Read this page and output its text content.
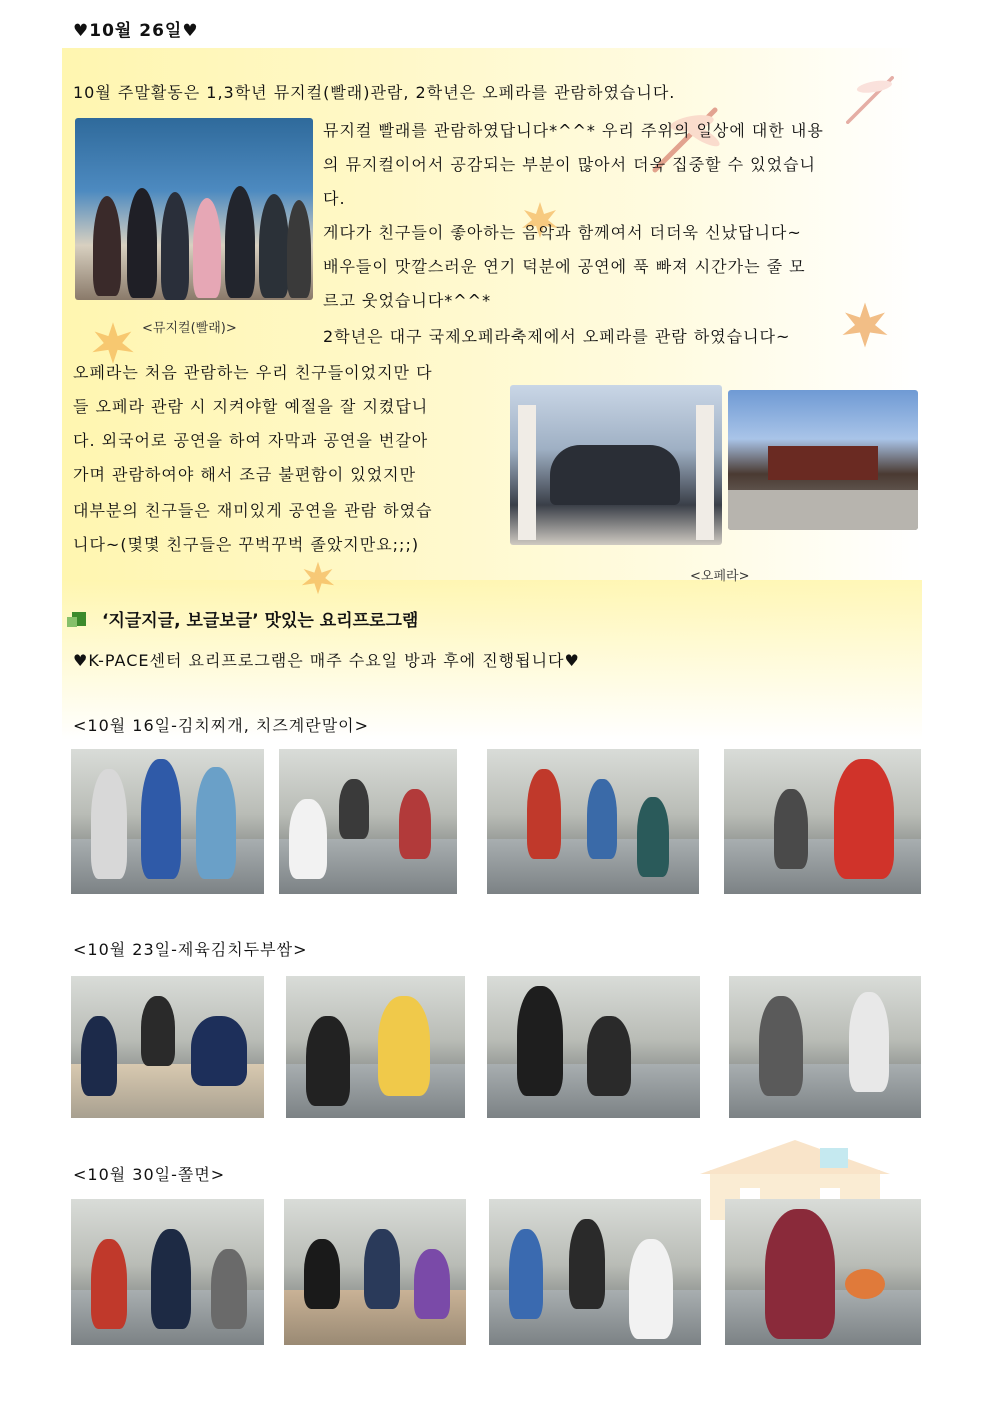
♥10월 26일♥
10월 주말활동은 1,3학년 뮤지컬(빨래)관람, 2학년은 오페라를 관람하였습니다.
<뮤지컬(빨래)>
뮤지컬 빨래를 관람하였답니다*^^* 우리 주위의 일상에 대한 내용
의 뮤지컬이어서 공감되는 부분이 많아서 더욱 집중할 수 있었습니
다.
게다가 친구들이 좋아하는 음악과 함께여서 더더욱 신났답니다~
배우들이 맛깔스러운 연기 덕분에 공연에 푹 빠져 시간가는 줄 모
르고 웃었습니다*^^*
2학년은 대구 국제오페라축제에서 오페라를 관람 하였습니다~
오페라는 처음 관람하는 우리 친구들이었지만 다
들 오페라 관람 시 지켜야할 예절을 잘 지켰답니
다. 외국어로 공연을 하여 자막과 공연을 번갈아
가며 관람하여야 해서 조금 불편함이 있었지만
대부분의 친구들은 재미있게 공연을 관람 하였습
니다~(몇몇 친구들은 꾸벅꾸벅 졸았지만요;;;)
<오페라>
‘지글지글, 보글보글’ 맛있는 요리프로그램
♥K-PACE센터 요리프로그램은 매주 수요일 방과 후에 진행됩니다♥
<10월 16일-김치찌개, 치즈계란말이>
<10월 23일-제육김치두부쌈>
<10월 30일-쫄면>
